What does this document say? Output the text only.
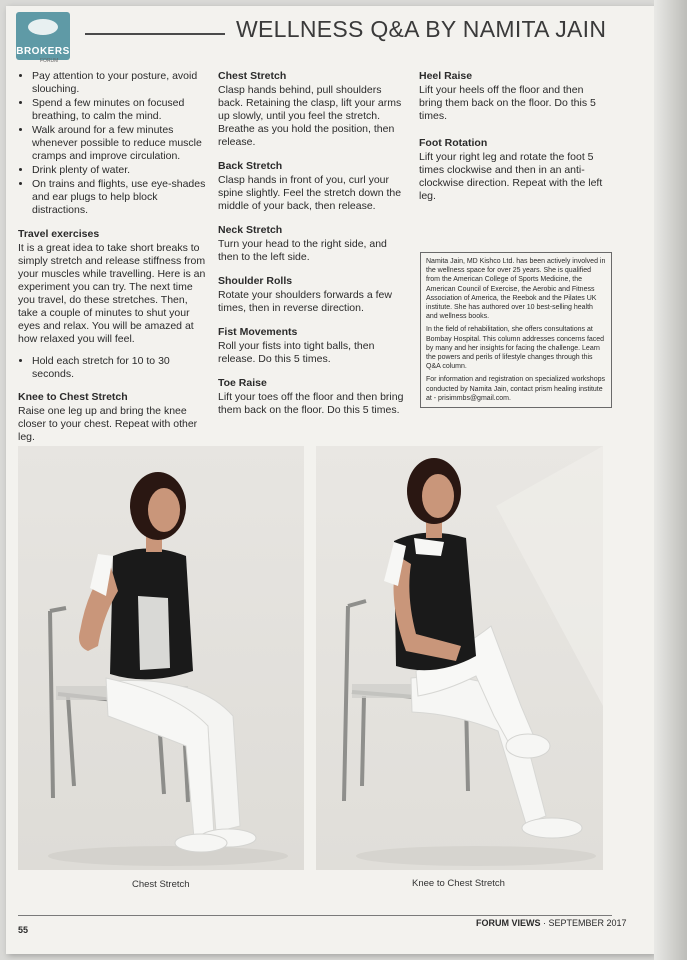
BROKERS
FORUM
WELLNESS Q&A BY NAMITA JAIN
• Pay attention to your posture, avoid slouching.
• Spend a few minutes on focused breathing, to calm the mind.
• Walk around for a few minutes whenever possible to reduce muscle cramps and improve circulation.
• Drink plenty of water.
• On trains and flights, use eye-shades and ear plugs to help block distractions.
Travel exercises

It is a great idea to take short breaks to simply stretch and release stiffness from your muscles while travelling. Here is an experiment you can try. The next time you travel, do these stretches. Then, take a couple of minutes to shut your eyes and relax. You will be amazed at how relaxed you will feel.

• Hold each stretch for 10 to 30 seconds.
Knee to Chest Stretch

Raise one leg up and bring the knee closer to your chest. Repeat with other leg.

Chest Stretch

Clasp hands behind, pull shoulders back. Retaining the clasp, lift your arms up slowly, until you feel the stretch. Breathe as you hold the position, then release.

Back Stretch

Clasp hands in front of you, curl your spine slightly. Feel the stretch down the middle of your back, then release.

Neck Stretch

Turn your head to the right side, and then to the left side.

Shoulder Rolls

Rotate your shoulders forwards a few times, then in reverse direction.

Fist Movements

Roll your fists into tight balls, then release. Do this 5 times.

Toe Raise

Lift your toes off the floor and then bring them back on the floor. Do this 5 times.

Heel Raise

Lift your heels off the floor and then bring them back on the floor. Do this 5 times.

Foot Rotation

Lift your right leg and rotate the foot 5 times clockwise and then in an anti-clockwise direction. Repeat with the left leg.

Namita Jain, MD Kishco Ltd. has been actively involved in the wellness space for over 25 years. She is qualified from the American College of Sports Medicine, the American Council of Exercise, the Aerobic and Fitness Association of America, the Reebok and the Pilates UK institute. She has authored over 10 best-selling health and wellness books.

In the field of rehabilitation, she offers consultations at Bombay Hospital. This column addresses concerns faced by many and her insights for facing the challenge. Learn the powers and perils of lifestyle changes through this Q&A column.

For information and registration on specialized workshops conducted by Namita Jain, contact prism healing institute at - prisimmbs@gmail.com.

Chest Stretch	Knee to Chest Stretch
55
FORUM VIEWS · SEPTEMBER 2017
